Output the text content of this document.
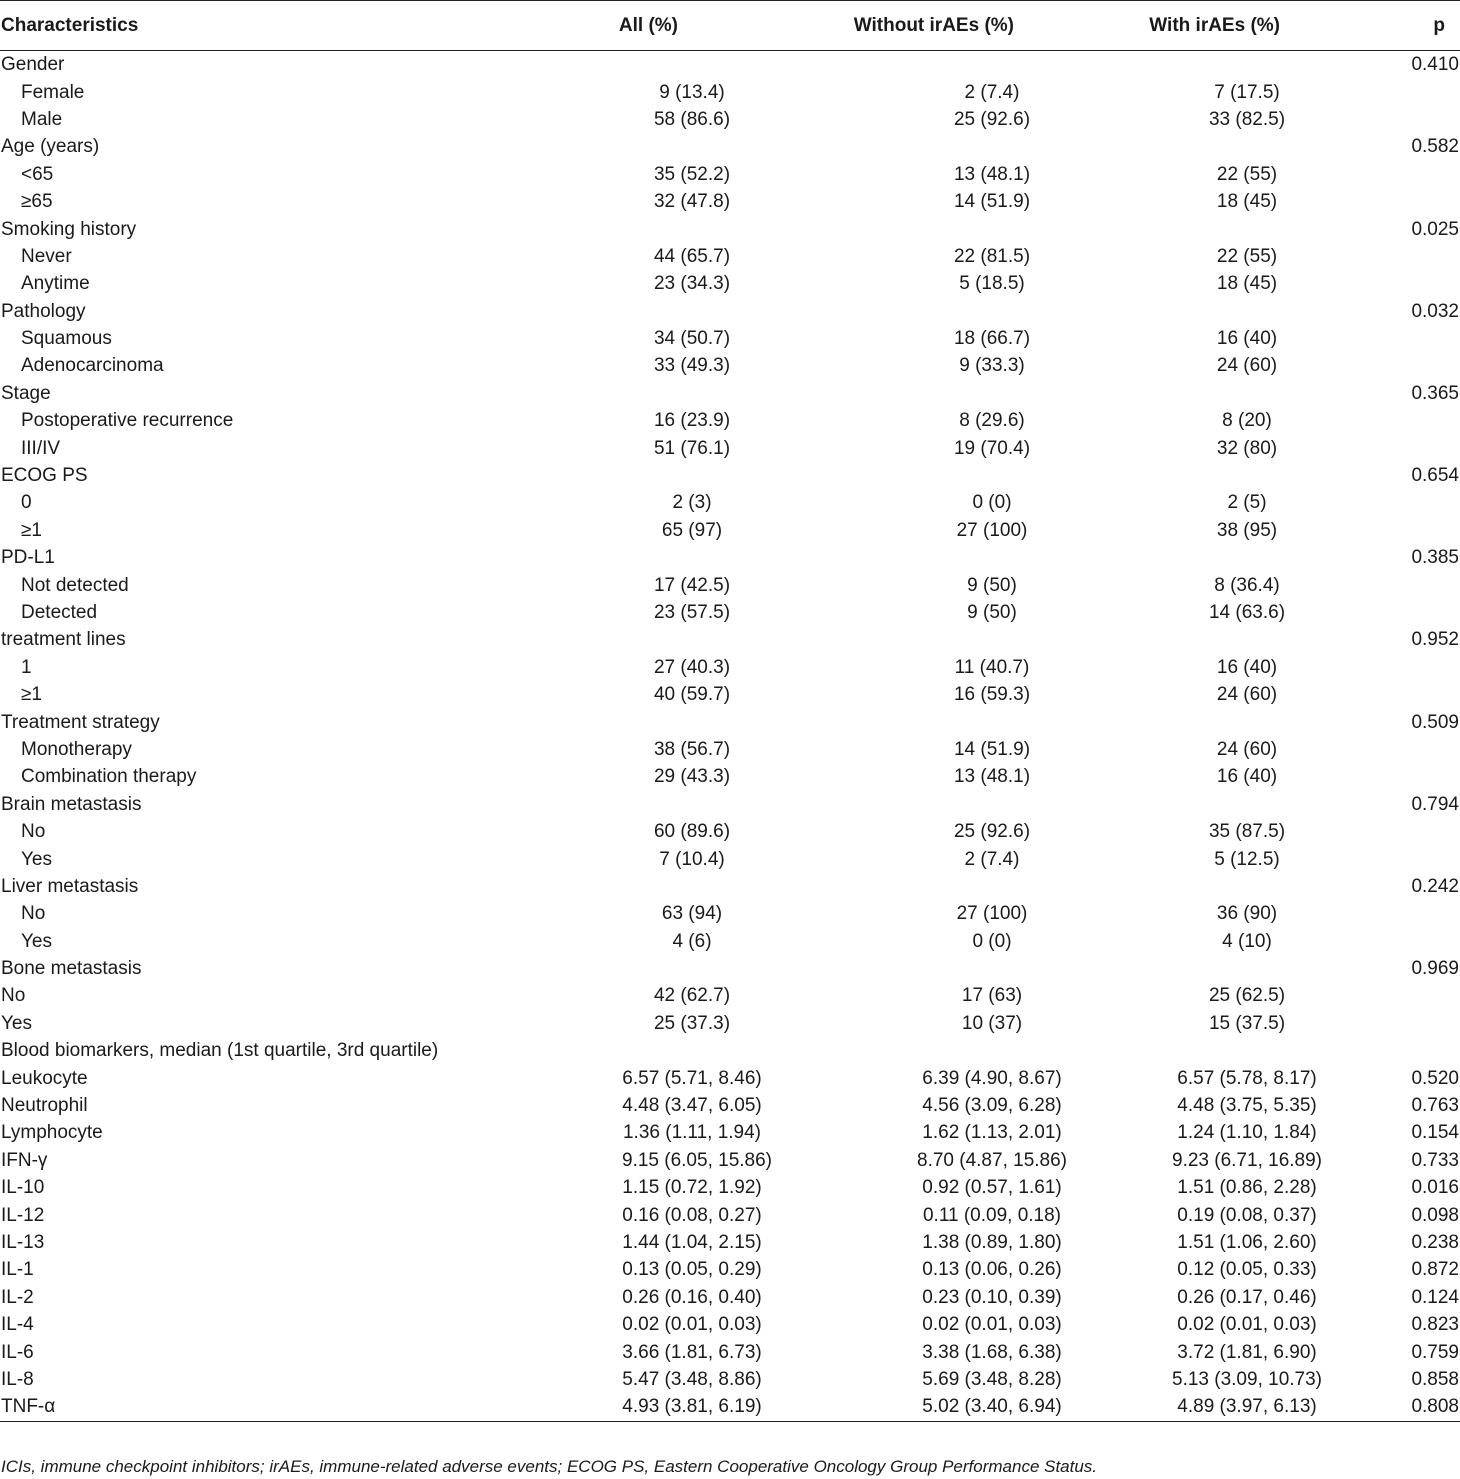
Characteristics	All (%)	Without irAEs (%)	With irAEs (%)	p
Gender				0.410
Female	9 (13.4)	2 (7.4)	7 (17.5)	
Male	58 (86.6)	25 (92.6)	33 (82.5)	
Age (years)				0.582
<65	35 (52.2)	13 (48.1)	22 (55)	
≥65	32 (47.8)	14 (51.9)	18 (45)	
Smoking history				0.025
Never	44 (65.7)	22 (81.5)	22 (55)	
Anytime	23 (34.3)	5 (18.5)	18 (45)	
Pathology				0.032
Squamous	34 (50.7)	18 (66.7)	16 (40)	
Adenocarcinoma	33 (49.3)	9 (33.3)	24 (60)	
Stage				0.365
Postoperative recurrence	16 (23.9)	8 (29.6)	8 (20)	
III/IV	51 (76.1)	19 (70.4)	32 (80)	
ECOG PS				0.654
0	2 (3)	0 (0)	2 (5)	
≥1	65 (97)	27 (100)	38 (95)	
PD-L1				0.385
Not detected	17 (42.5)	9 (50)	8 (36.4)	
Detected	23 (57.5)	9 (50)	14 (63.6)	
treatment lines				0.952
1	27 (40.3)	11 (40.7)	16 (40)	
≥1	40 (59.7)	16 (59.3)	24 (60)	
Treatment strategy				0.509
Monotherapy	38 (56.7)	14 (51.9)	24 (60)	
Combination therapy	29 (43.3)	13 (48.1)	16 (40)	
Brain metastasis				0.794
No	60 (89.6)	25 (92.6)	35 (87.5)	
Yes	7 (10.4)	2 (7.4)	5 (12.5)	
Liver metastasis				0.242
No	63 (94)	27 (100)	36 (90)	
Yes	4 (6)	0 (0)	4 (10)	
Bone metastasis				0.969
No	42 (62.7)	17 (63)	25 (62.5)	
Yes	25 (37.3)	10 (37)	15 (37.5)	
Blood biomarkers, median (1st quartile, 3rd quartile)				
Leukocyte	6.57 (5.71, 8.46)	6.39 (4.90, 8.67)	6.57 (5.78, 8.17)	0.520
Neutrophil	4.48 (3.47, 6.05)	4.56 (3.09, 6.28)	4.48 (3.75, 5.35)	0.763
Lymphocyte	1.36 (1.11, 1.94)	1.62 (1.13, 2.01)	1.24 (1.10, 1.84)	0.154
IFN-γ	9.15 (6.05, 15.86)	8.70 (4.87, 15.86)	9.23 (6.71, 16.89)	0.733
IL-10	1.15 (0.72, 1.92)	0.92 (0.57, 1.61)	1.51 (0.86, 2.28)	0.016
IL-12	0.16 (0.08, 0.27)	0.11 (0.09, 0.18)	0.19 (0.08, 0.37)	0.098
IL-13	1.44 (1.04, 2.15)	1.38 (0.89, 1.80)	1.51 (1.06, 2.60)	0.238
IL-1	0.13 (0.05, 0.29)	0.13 (0.06, 0.26)	0.12 (0.05, 0.33)	0.872
IL-2	0.26 (0.16, 0.40)	0.23 (0.10, 0.39)	0.26 (0.17, 0.46)	0.124
IL-4	0.02 (0.01, 0.03)	0.02 (0.01, 0.03)	0.02 (0.01, 0.03)	0.823
IL-6	3.66 (1.81, 6.73)	3.38 (1.68, 6.38)	3.72 (1.81, 6.90)	0.759
IL-8	5.47 (3.48, 8.86)	5.69 (3.48, 8.28)	5.13 (3.09, 10.73)	0.858
TNF-α	4.93 (3.81, 6.19)	5.02 (3.40, 6.94)	4.89 (3.97, 6.13)	0.808
ICIs, immune checkpoint inhibitors; irAEs, immune-related adverse events; ECOG PS, Eastern Cooperative Oncology Group Performance Status.
